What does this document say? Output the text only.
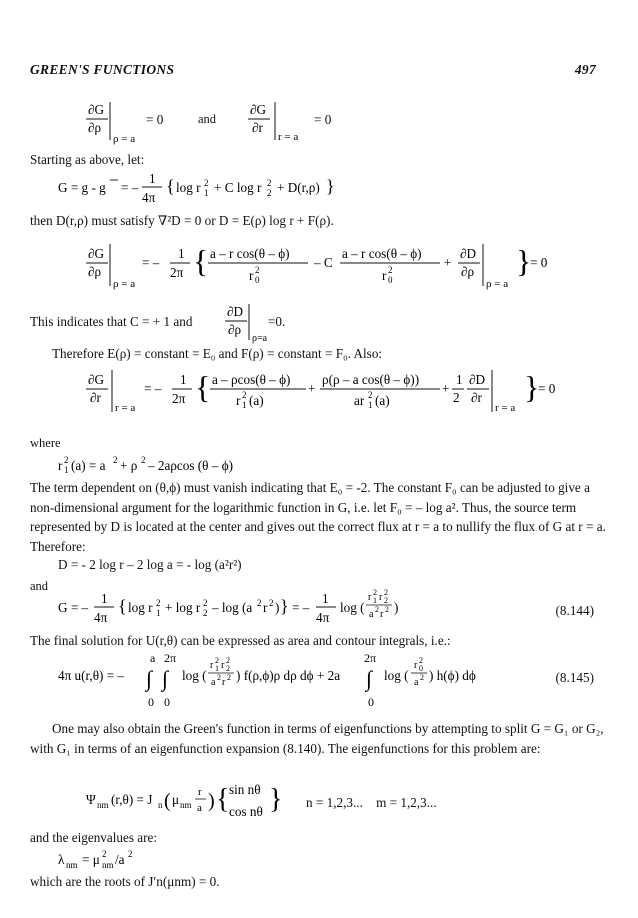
GREEN'S FUNCTIONS	497
∂G
∂ρ
ρ = a
= 0	and
∂G
∂r
r = a
= 0
Starting as above, let:
G = g - g = –
1
4π
{ log r 2
1 + C log r 2
2 + D(r,ρ) }
then D(r,ρ) must satisfy ∇²D = 0 or D = E(ρ) log r + F(ρ).
∂G
∂ρ
ρ = a
= –
1
2π { a – r cos(θ – ϕ)
r 2
0
– C
a – r cos(θ – ϕ)
r 2
0
+
∂D
∂ρ
ρ = a
}
= 0
This indicates that C = + 1 and
∂D
∂ρ
ρ=a
=0.
Therefore E(ρ) = constant = E₀ and F(ρ) = constant = F₀. Also:
∂G
∂r
r = a
= –
1
2π { a – ρcos(θ – ϕ)
r 2
1 (a)
+
ρ(ρ – a cos(θ – ϕ))
ar 2
1 (a)
+
1
2
∂D
∂r
r = a
}
= 0
where
r 2
1 (a) = a 2 + ρ 2 – 2aρcos (θ – ϕ)
The term dependent on (θ,ϕ) must vanish indicating that E₀ = -2. The constant F₀ can be adjusted to give a non-dimensional argument for the logarithmic function in G, i.e. let F₀ = – log a². Thus, the source term represented by D is located at the center and gives out the correct flux at r = a to nullify the flux of G at r = a. Therefore:
D = - 2 log r – 2 log a = - log (a²r²)
and
G = –
1
4π
{ log r 2
1 + log r 2
2 – log (a 2 r 2 ) } = –
1
4π
log (
r 2
1 r 2
2
a 2 r 2 )	(8.144)
The final solution for U(r,θ) can be expressed as area and contour integrals, i.e.:
4π u(r,θ) = –
a 2π
∫ ∫
0 0
log (
r 2
1 r 2
2
a 2 r 2 ) f(ρ,ϕ)ρ dρ dϕ + 2a
2π
∫
0
log (
r 2
0
a 2 ) h(ϕ) dϕ	(8.145)
One may also obtain the Green's function in terms of eigenfunctions by attempting to split G = G₁ or G₂, with G₁ in terms of an eigenfunction expansion (8.140). The eigenfunctions for this problem are:
Ψ nm (r,θ) = J n ( μ nm
r
a ) { sin nθ
cos nθ } n = 1,2,3...    m = 1,2,3...
and the eigenvalues are:
λ nm = μ 2
nm /a 2
which are the roots of J′n(μnm) = 0.
